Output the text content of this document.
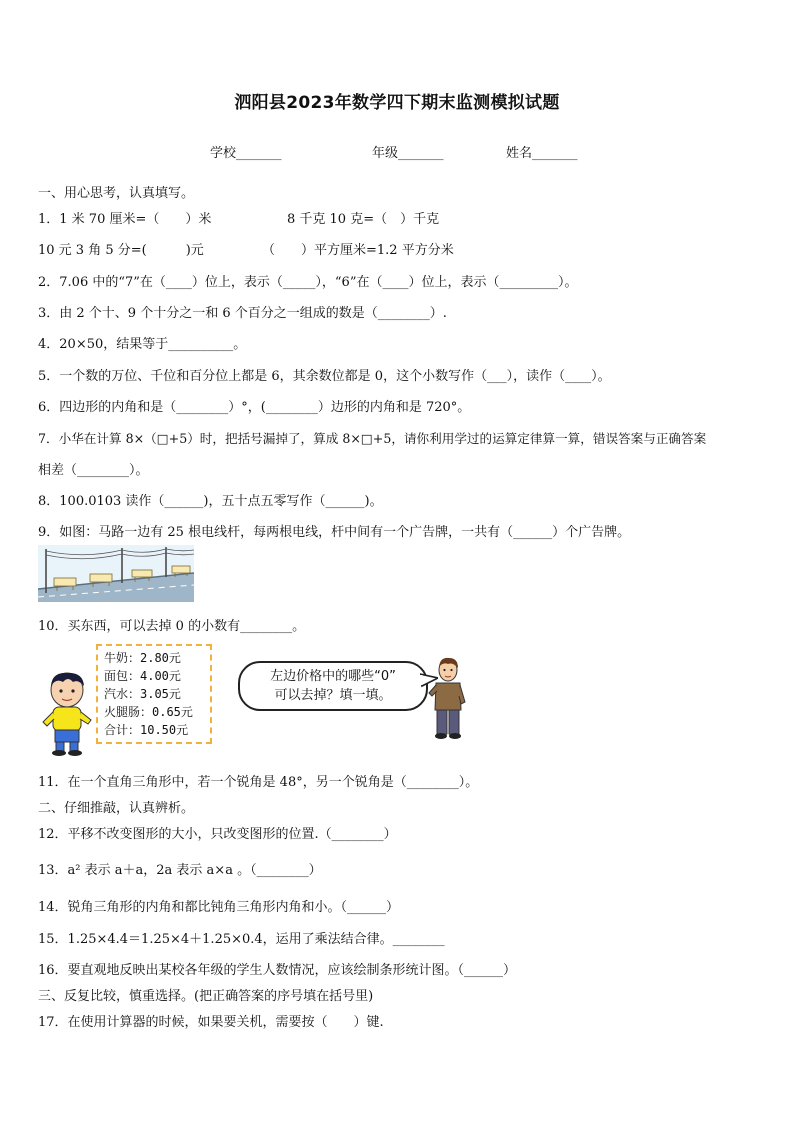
泗阳县2023年数学四下期末监测模拟试题
学校_______	年级_______	姓名_______
一、用心思考，认真填写。
1．1 米 70 厘米=（　　）米	8 千克 10 克=（　）千克
10 元 3 角 5 分=(　　　)元	（　　）平方厘米=1.2 平方分米
2．7.06 中的“7”在（____）位上，表示（_____），“6”在（____）位上，表示（_________）。
3．由 2 个十、9 个十分之一和 6 个百分之一组成的数是（________）.
4．20×50，结果等于__________。
5．一个数的万位、千位和百分位上都是 6，其余数位都是 0，这个小数写作（___），读作（____）。
6．四边形的内角和是（________）°，(________）边形的内角和是 720°。
7．小华在计算 8×（□+5）时，把括号漏掉了，算成 8×□+5，请你利用学过的运算定律算一算，错误答案与正确答案
相差（________）。
8．100.0103 读作（______)，五十点五零写作（______)。
9．如图：马路一边有 25 根电线杆，每两根电线，杆中间有一个广告牌，一共有（______）个广告牌。
10．买东西，可以去掉 0 的小数有________。
牛奶：2.80元
面包：4.00元
汽水：3.05元
火腿肠：0.65元
合计：10.50元
左边价格中的哪些“0”
可以去掉？填一填。
11．在一个直角三角形中，若一个锐角是 48°，另一个锐角是（________）。
二、仔细推敲，认真辨析。
12．平移不改变图形的大小，只改变图形的位置.（________）
13．a² 表示 a＋a，2a 表示 a×a 。（________）
14．锐角三角形的内角和都比钝角三角形内角和小。（______）
15．1.25×4.4＝1.25×4＋1.25×0.4，运用了乘法结合律。________
16．要直观地反映出某校各年级的学生人数情况，应该绘制条形统计图。（______）
三、反复比较，慎重选择。(把正确答案的序号填在括号里)
17．在使用计算器的时候，如果要关机，需要按（　　）键.
